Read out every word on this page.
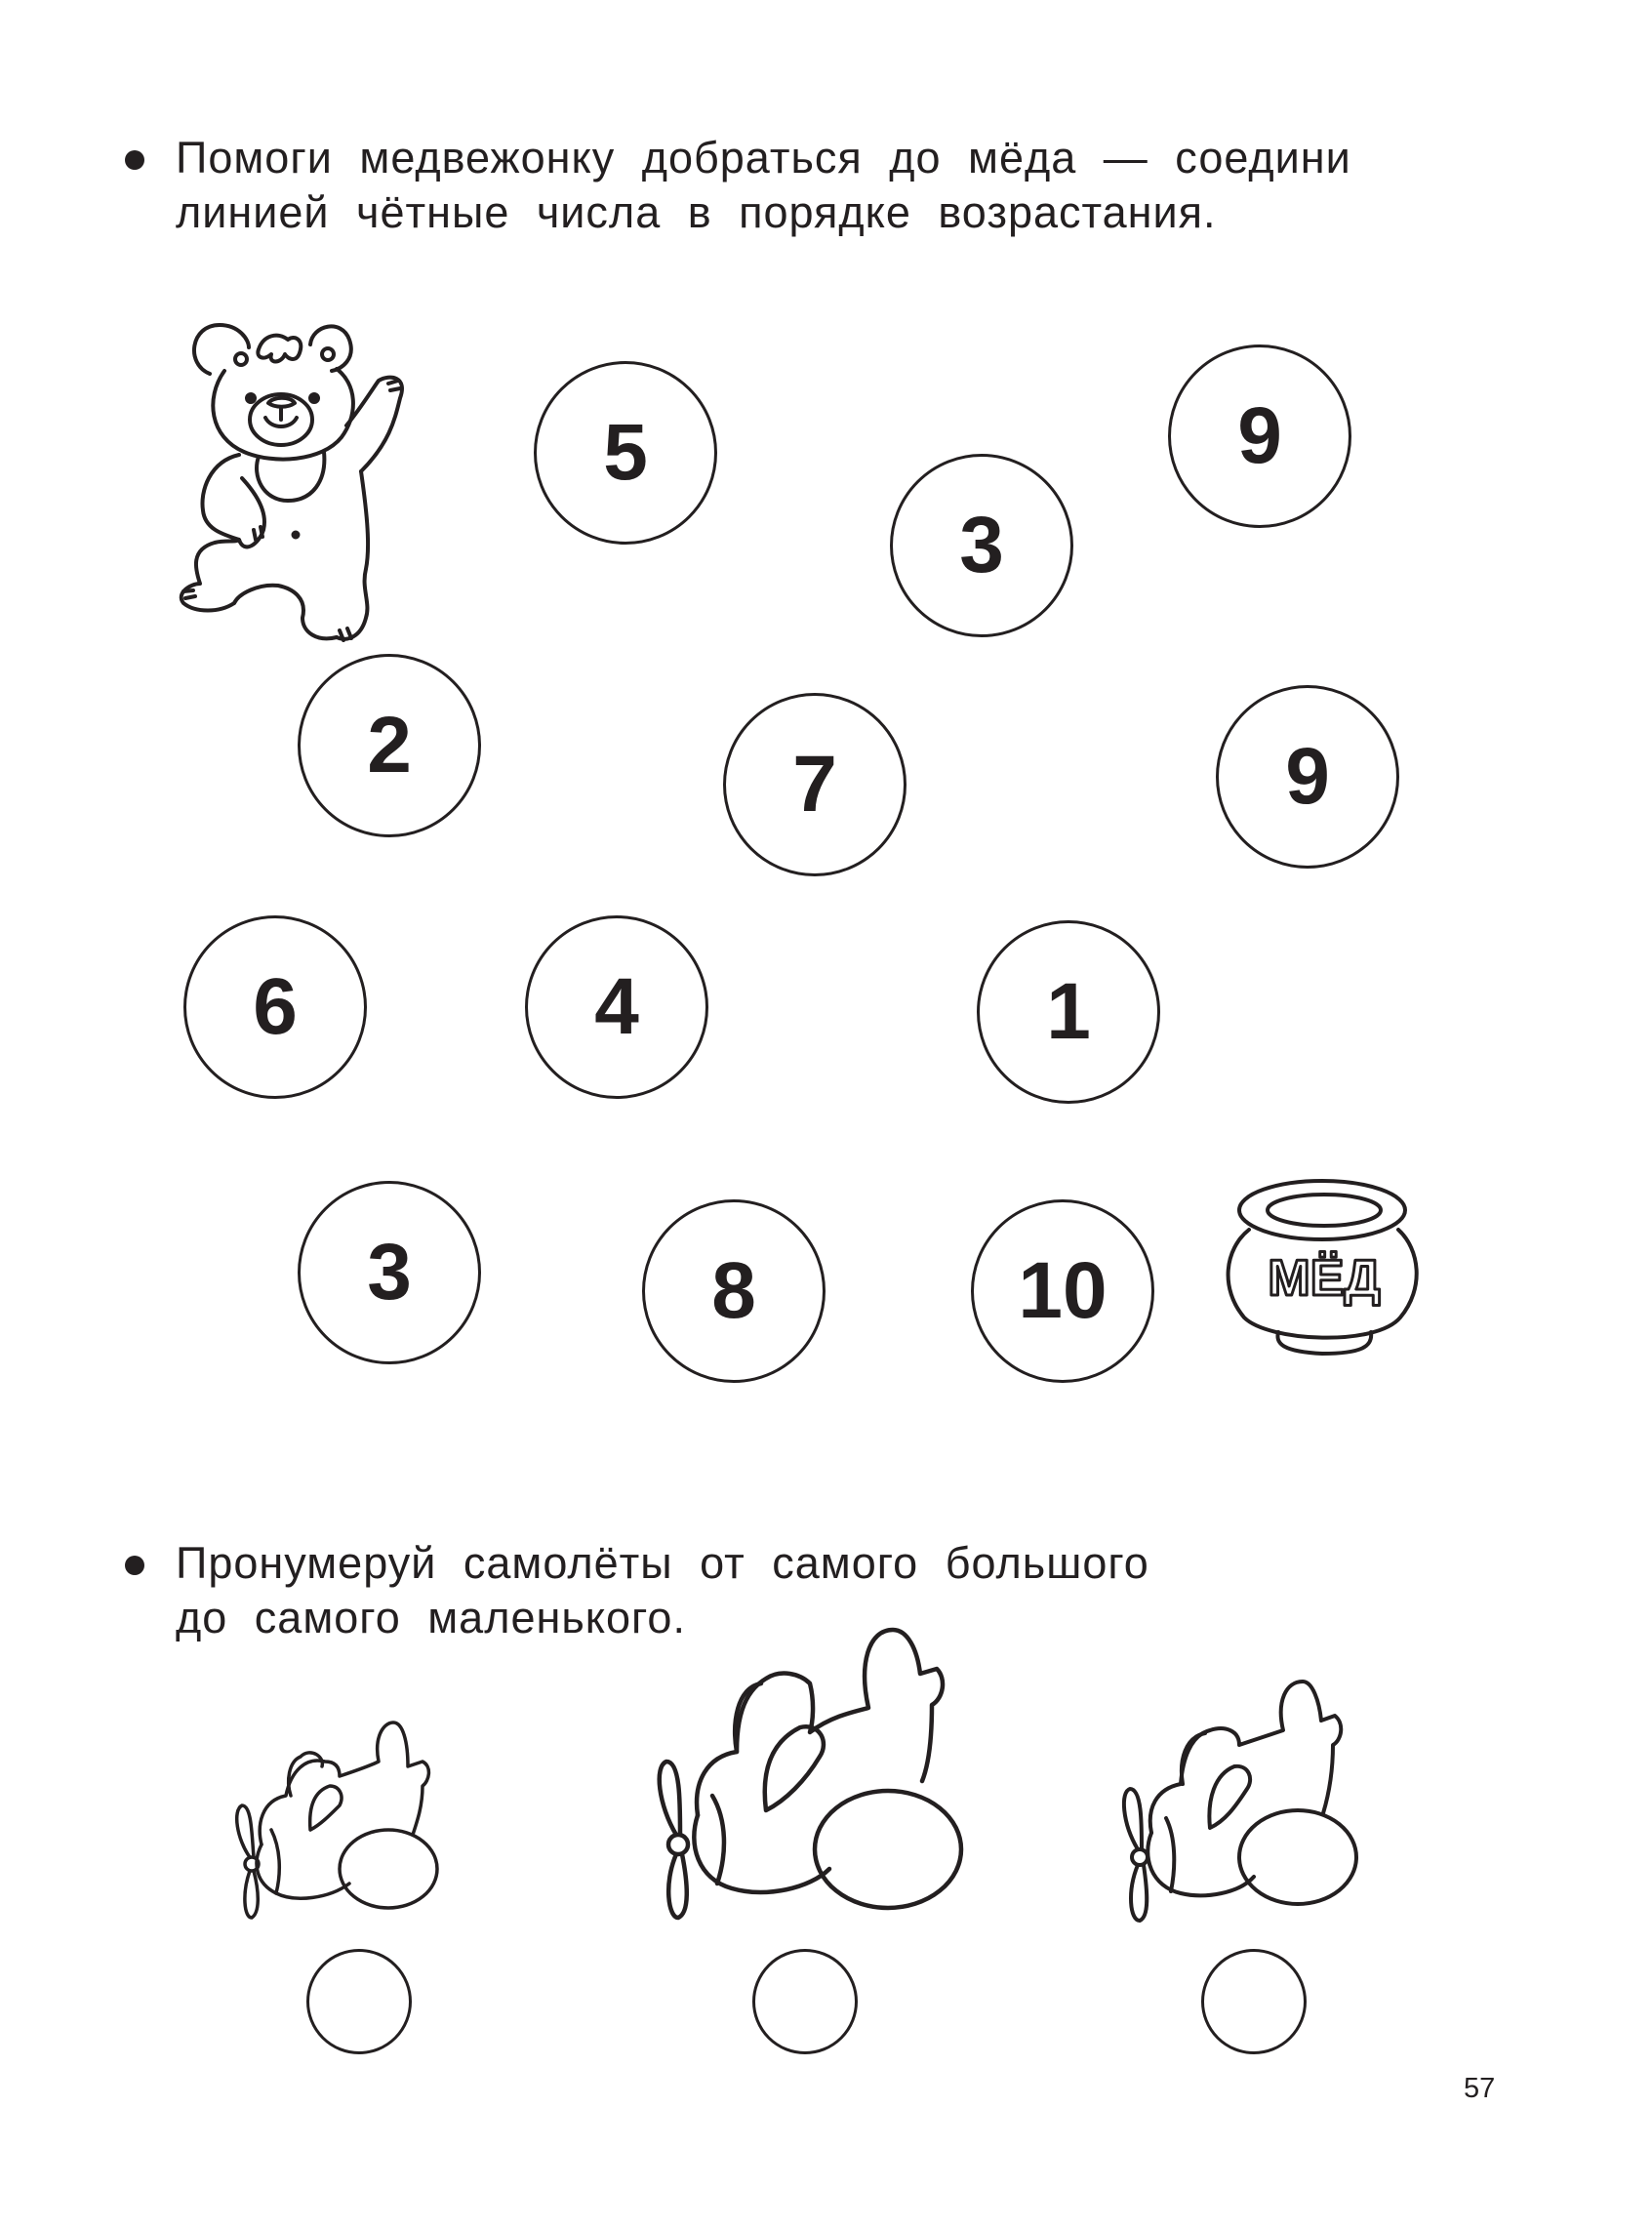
Помоги медвежонку добраться до мёда — соедини
линией чётные числа в порядке возрастания.
5
3
9
2	7	9
6	4	1
3	8	10	МЁД
Пронумеруй самолёты от самого большого
до самого маленького.
57
